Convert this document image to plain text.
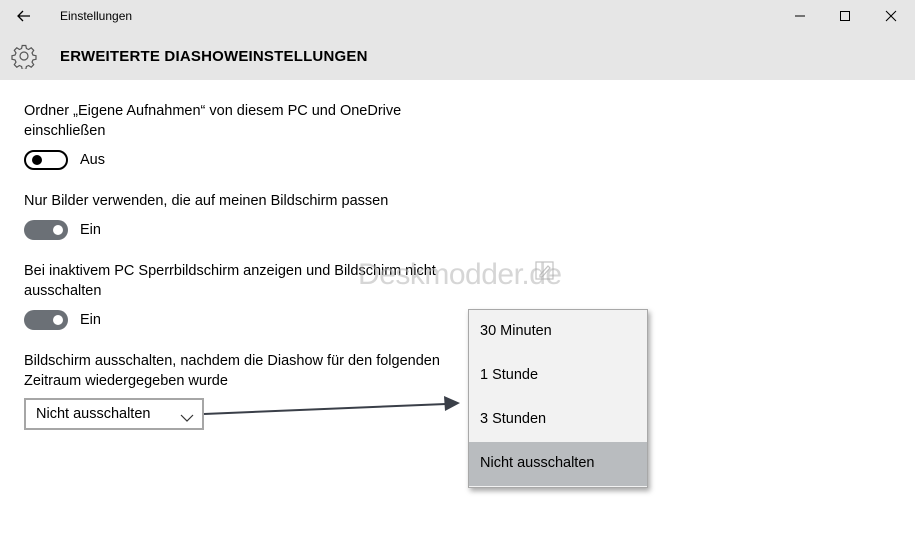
Einstellungen
ERWEITERTE DIASHOWEINSTELLUNGEN
Ordner „Eigene Aufnahmen“ von diesem PC und OneDrive
einschließen
Aus
Nur Bilder verwenden, die auf meinen Bildschirm passen
Ein
Bei inaktivem PC Sperrbildschirm anzeigen und Bildschirm nicht
ausschalten
Ein
Bildschirm ausschalten, nachdem die Diashow für den folgenden
Zeitraum wiedergegeben wurde
Nicht ausschalten
Deskmodder.de
30 Minuten
1 Stunde
3 Stunden
Nicht ausschalten
